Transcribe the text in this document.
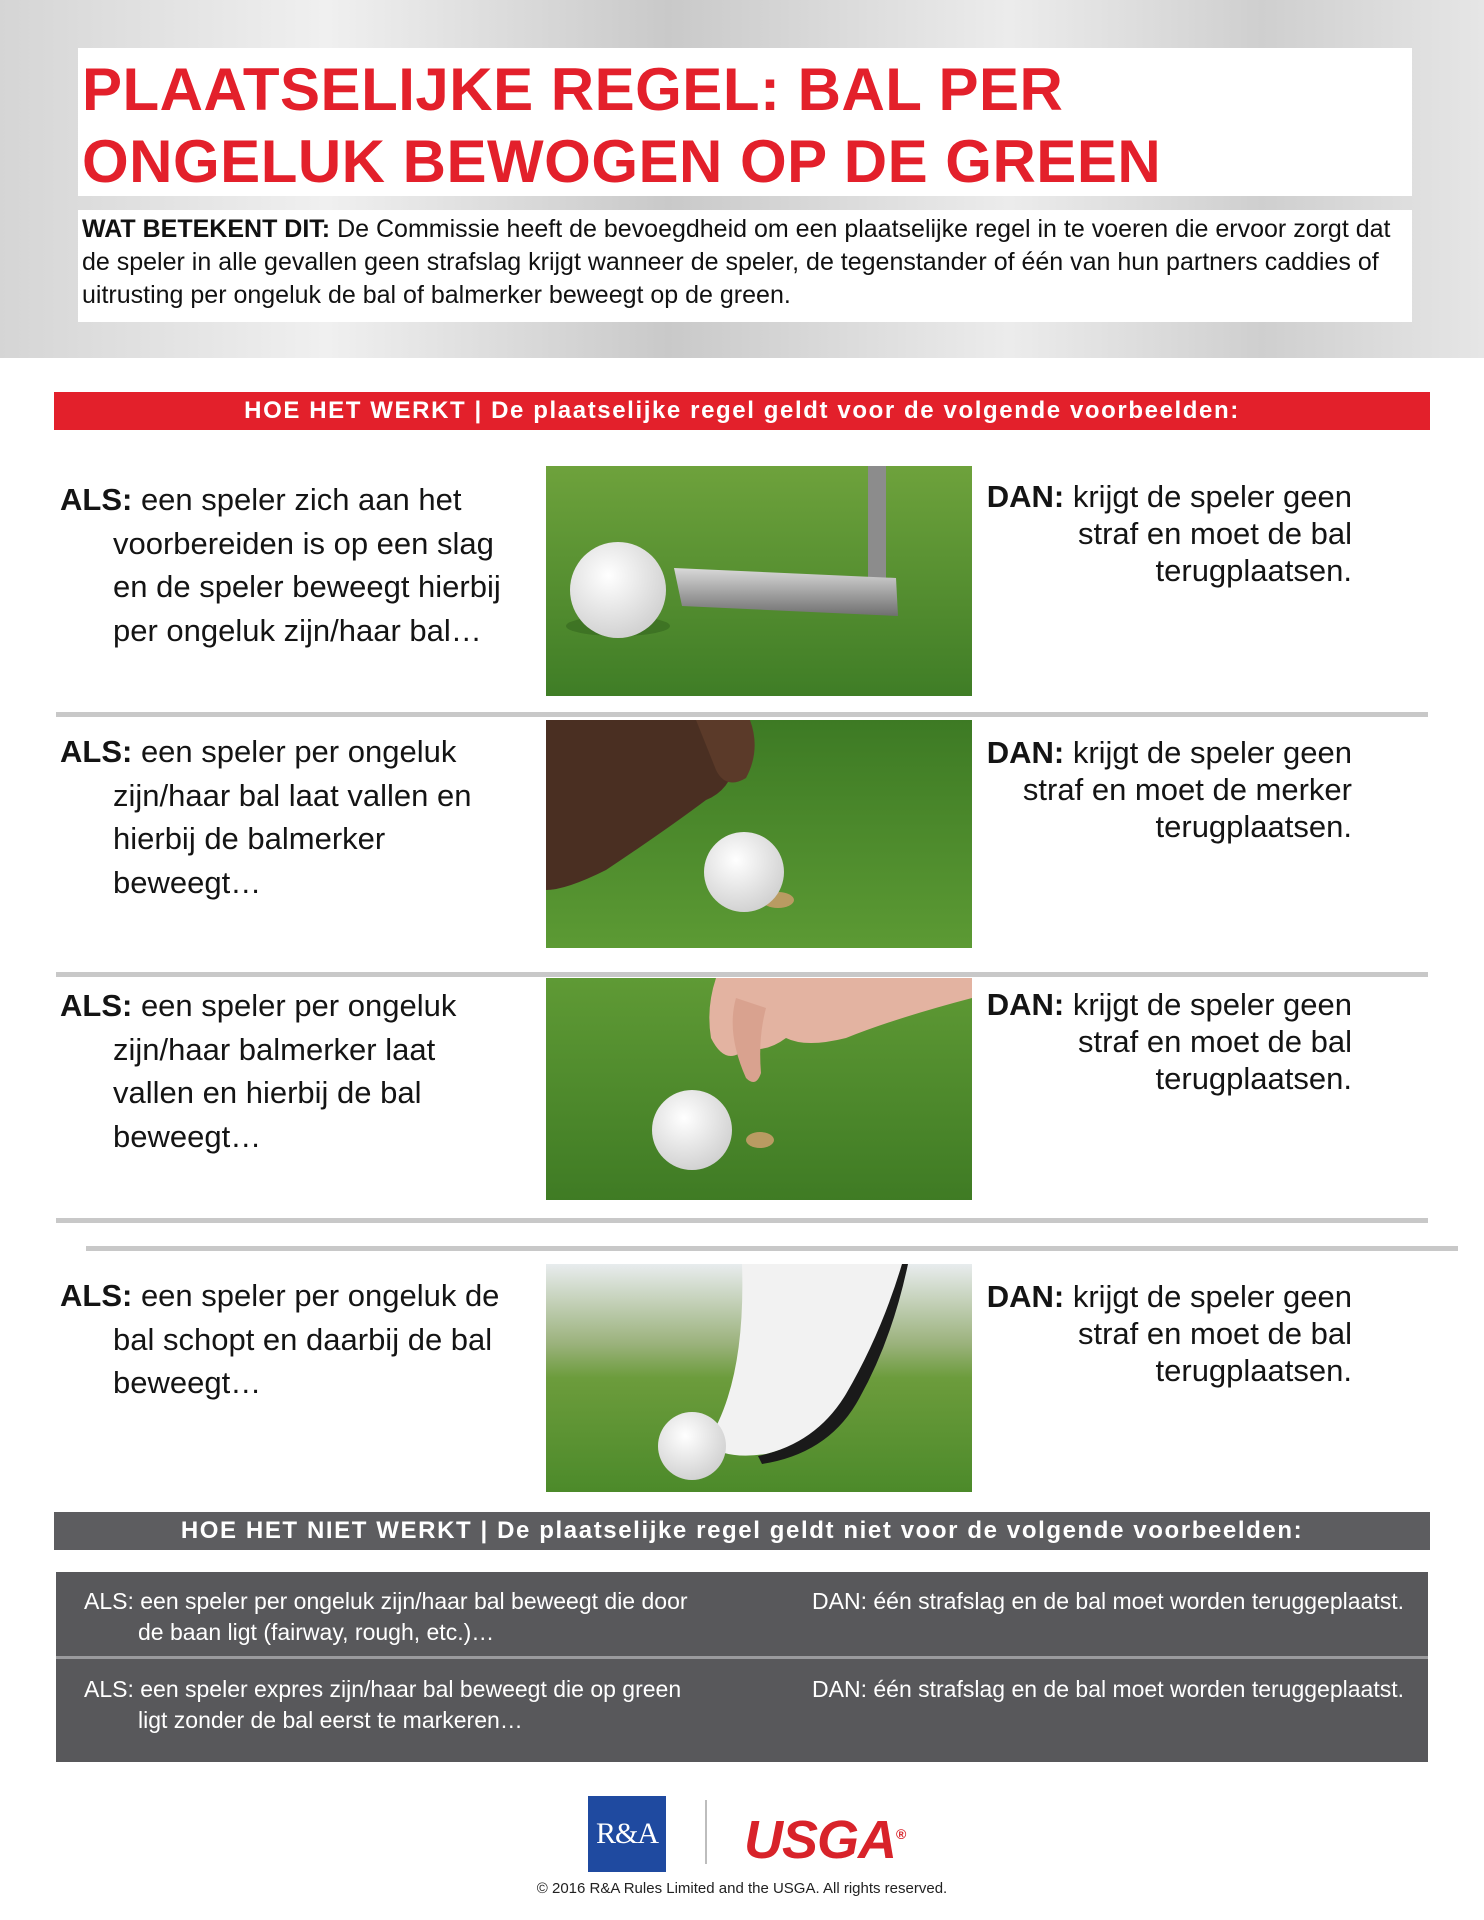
PLAATSELIJKE REGEL: BAL PER
ONGELUK BEWOGEN OP DE GREEN
WAT BETEKENT DIT: De Commissie heeft de bevoegdheid om een plaatselijke regel in te voeren die ervoor zorgt dat de speler in alle gevallen geen strafslag krijgt wanneer de speler, de tegenstander of één van hun partners caddies of uitrusting per ongeluk de bal of balmerker beweegt op de green.
HOE HET WERKT | De plaatselijke regel geldt voor de volgende voorbeelden:
ALS: een speler zich aan het voorbereiden is op een slag en de speler beweegt hierbij per ongeluk zijn/haar bal…
DAN: krijgt de speler geen straf en moet de bal terugplaatsen.
ALS: een speler per ongeluk zijn/haar bal laat vallen en hierbij de balmerker beweegt…
DAN: krijgt de speler geen straf en moet de merker terugplaatsen.
ALS: een speler per ongeluk zijn/haar balmerker laat vallen en hierbij de bal beweegt…
DAN: krijgt de speler geen straf en moet de bal terugplaatsen.
ALS: een speler per ongeluk de bal schopt en daarbij de bal beweegt…
DAN: krijgt de speler geen straf en moet de bal terugplaatsen.
HOE HET NIET WERKT | De plaatselijke regel geldt niet voor de volgende voorbeelden:
ALS: een speler per ongeluk zijn/haar bal beweegt die door de baan ligt (fairway, rough, etc.)…
DAN: één strafslag en de bal moet worden teruggeplaatst.
ALS: een speler expres zijn/haar bal beweegt die op green ligt zonder de bal eerst te markeren…
DAN: één strafslag en de bal moet worden teruggeplaatst.
R&A USGA®
© 2016 R&A Rules Limited and the USGA. All rights reserved.
